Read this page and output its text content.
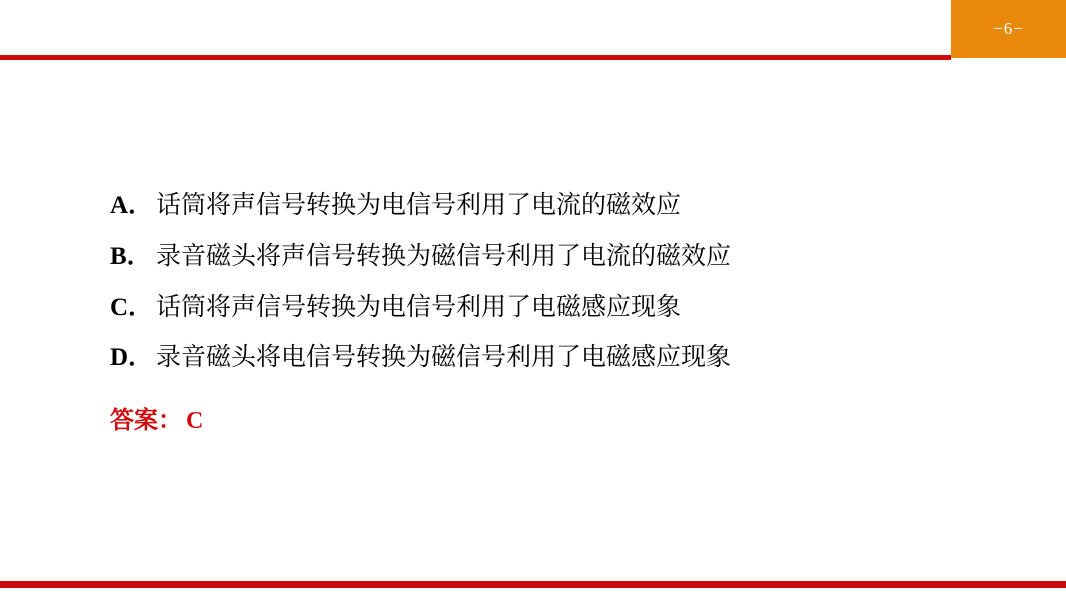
−6−
A． 话筒将声信号转换为电信号利用了电流的磁效应
B． 录音磁头将声信号转换为磁信号利用了电流的磁效应
C． 话筒将声信号转换为电信号利用了电磁感应现象
D． 录音磁头将电信号转换为磁信号利用了电磁感应现象
答案： C
